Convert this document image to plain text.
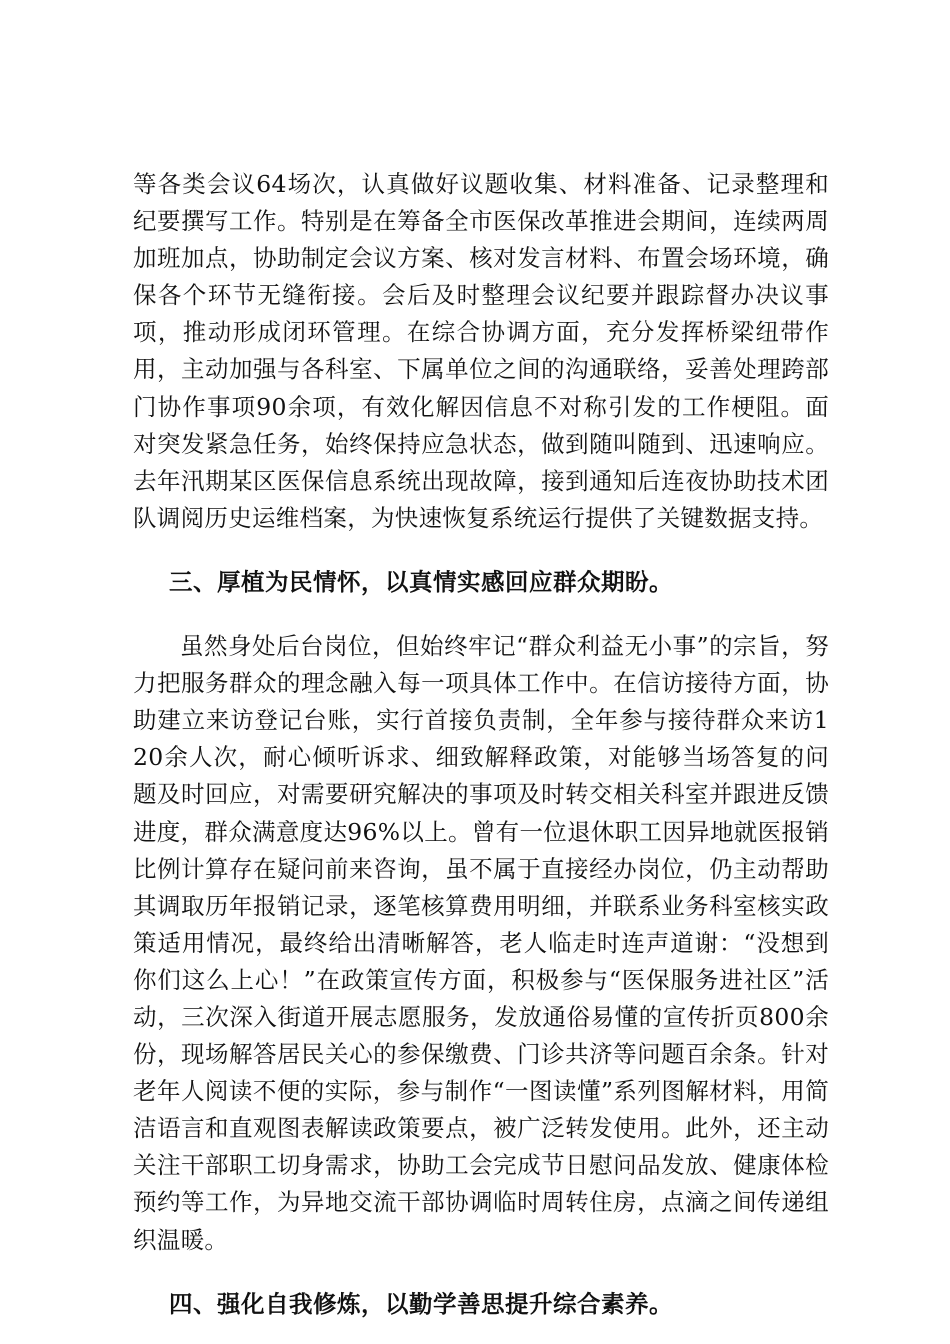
等各类会议64场次，认真做好议题收集、材料准备、记录整理和纪要撰写工作。特别是在筹备全市医保改革推进会期间，连续两周加班加点，协助制定会议方案、核对发言材料、布置会场环境，确保各个环节无缝衔接。会后及时整理会议纪要并跟踪督办决议事项，推动形成闭环管理。在综合协调方面，充分发挥桥梁纽带作用，主动加强与各科室、下属单位之间的沟通联络，妥善处理跨部门协作事项90余项，有效化解因信息不对称引发的工作梗阻。面对突发紧急任务，始终保持应急状态，做到随叫随到、迅速响应。去年汛期某区医保信息系统出现故障，接到通知后连夜协助技术团队调阅历史运维档案，为快速恢复系统运行提供了关键数据支持。

三、厚植为民情怀，以真情实感回应群众期盼。

虽然身处后台岗位，但始终牢记“群众利益无小事”的宗旨，努力把服务群众的理念融入每一项具体工作中。在信访接待方面，协助建立来访登记台账，实行首接负责制，全年参与接待群众来访120余人次，耐心倾听诉求、细致解释政策，对能够当场答复的问题及时回应，对需要研究解决的事项及时转交相关科室并跟进反馈进度，群众满意度达96%以上。曾有一位退休职工因异地就医报销比例计算存在疑问前来咨询，虽不属于直接经办岗位，仍主动帮助其调取历年报销记录，逐笔核算费用明细，并联系业务科室核实政策适用情况，最终给出清晰解答，老人临走时连声道谢：“没想到你们这么上心！”在政策宣传方面，积极参与“医保服务进社区”活动，三次深入街道开展志愿服务，发放通俗易懂的宣传折页800余份，现场解答居民关心的参保缴费、门诊共济等问题百余条。针对老年人阅读不便的实际，参与制作“一图读懂”系列图解材料，用简洁语言和直观图表解读政策要点，被广泛转发使用。此外，还主动关注干部职工切身需求，协助工会完成节日慰问品发放、健康体检预约等工作，为异地交流干部协调临时周转住房，点滴之间传递组织温暖。

四、强化自我修炼，以勤学善思提升综合素养。
